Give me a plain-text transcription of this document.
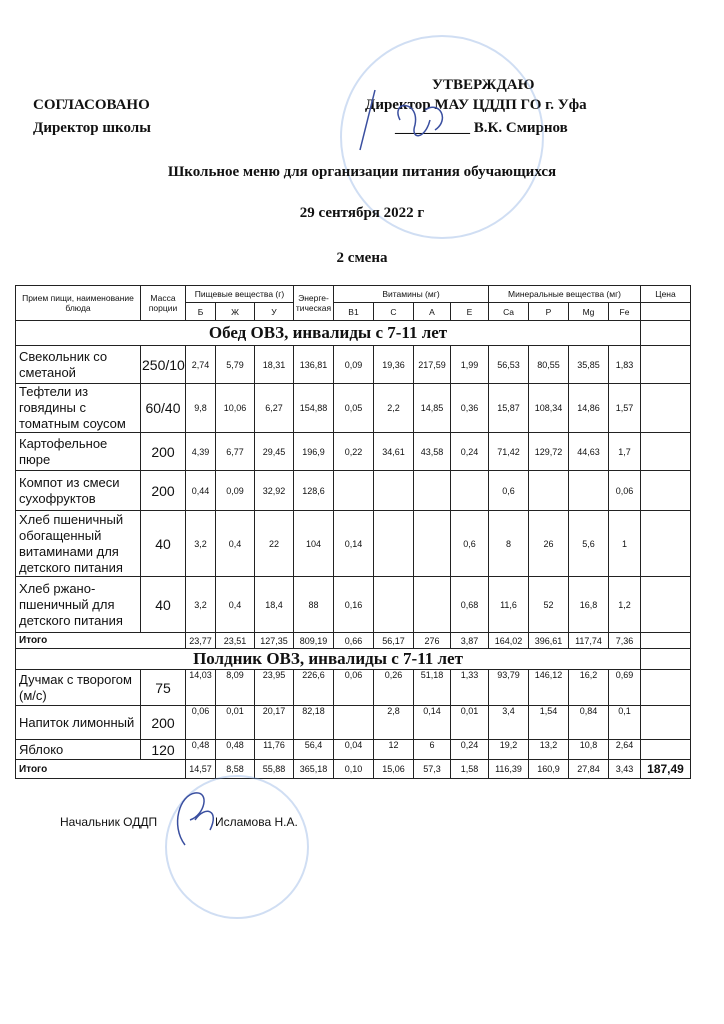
СОГЛАСОВАНО
Директор школы
УТВЕРЖДАЮ
Директор МАУ ЦДДП ГО г. Уфа
__________ В.К. Смирнов
Школьное меню для организации питания обучающихся
29 сентября 2022 г
2 смена
Прием пищи, наименование блюда	Масса порции	Пищевые вещества (г)			Энерге-тическая	Витамины (мг)				Минеральные вещества (мг)				Цена
		Б	Ж	У		В1	С	А	Е	Ca	P	Mg	Fe	
Обед ОВЗ, инвалиды с 7-11 лет														
Свекольник со сметаной	250/10	2,74	5,79	18,31	136,81	0,09	19,36	217,59	1,99	56,53	80,55	35,85	1,83	
Тефтели из говядины с томатным соусом	60/40	9,8	10,06	6,27	154,88	0,05	2,2	14,85	0,36	15,87	108,34	14,86	1,57	
Картофельное пюре	200	4,39	6,77	29,45	196,9	0,22	34,61	43,58	0,24	71,42	129,72	44,63	1,7	
Компот из смеси сухофруктов	200	0,44	0,09	32,92	128,6					0,6			0,06	
Хлеб пшеничный обогащенный витаминами для детского питания	40	3,2	0,4	22	104	0,14			0,6	8	26	5,6	1	
Хлеб ржано-пшеничный для детского питания	40	3,2	0,4	18,4	88	0,16			0,68	11,6	52	16,8	1,2	
Итого		23,77	23,51	127,35	809,19	0,66	56,17	276	3,87	164,02	396,61	117,74	7,36	
Полдник ОВЗ, инвалиды с 7-11 лет														
Дучмак с творогом (м/с)	75	14,03	8,09	23,95	226,6	0,06	0,26	51,18	1,33	93,79	146,12	16,2	0,69	
Напиток лимонный	200	0,06	0,01	20,17	82,18		2,8	0,14	0,01	3,4	1,54	0,84	0,1	
Яблоко	120	0,48	0,48	11,76	56,4	0,04	12	6	0,24	19,2	13,2	10,8	2,64	
Итого		14,57	8,58	55,88	365,18	0,10	15,06	57,3	1,58	116,39	160,9	27,84	3,43	187,49
Начальник ОДДП	Исламова Н.А.
